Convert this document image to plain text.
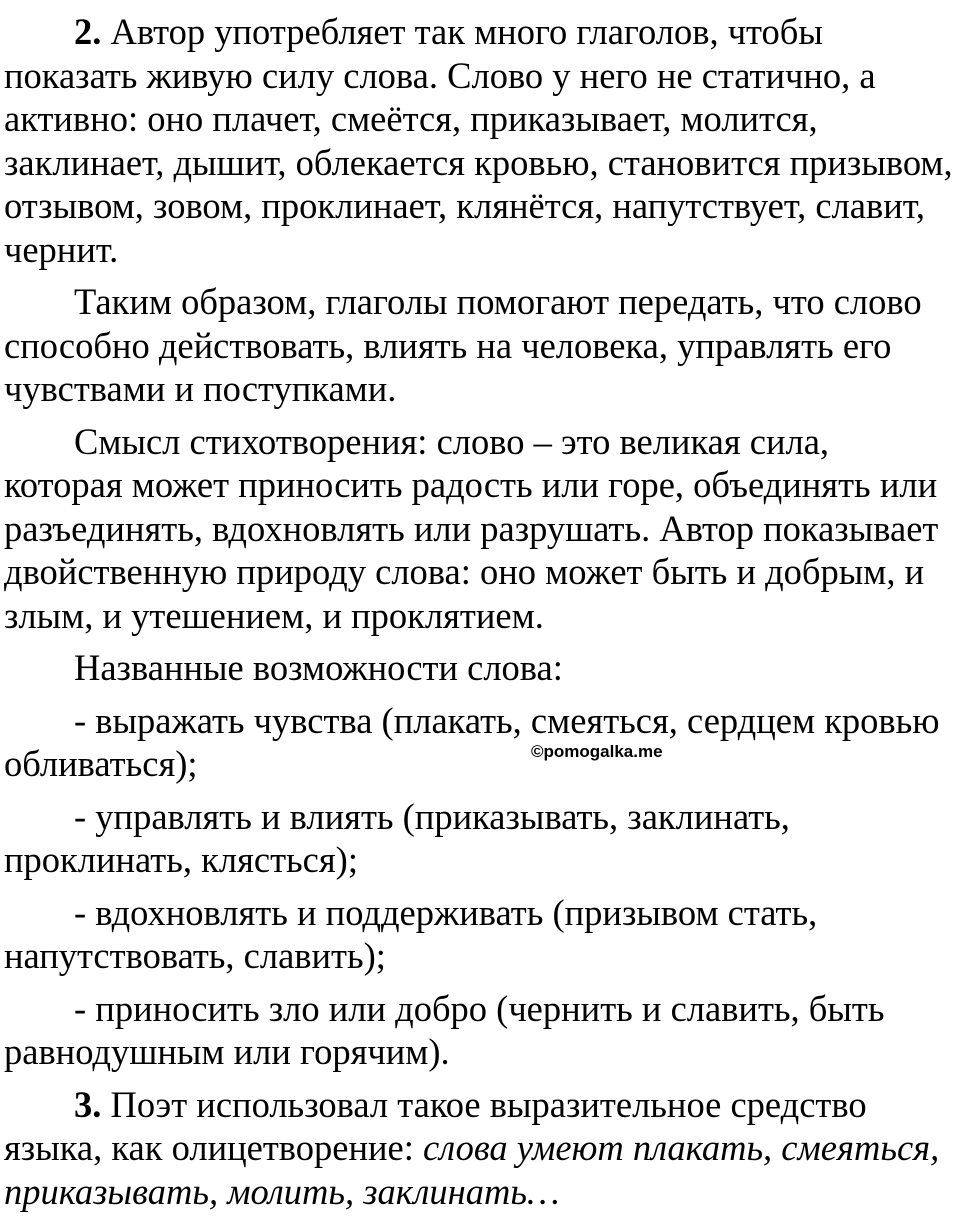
2. Автор употребляет так много глаголов, чтобы показать живую силу слова. Слово у него не статично, а активно: оно плачет, смеётся, приказывает, молится, заклинает, дышит, облекается кровью, становится призывом, отзывом, зовом, проклинает, клянётся, напутствует, славит, чернит.

Таким образом, глаголы помогают передать, что слово способно действовать, влиять на человека, управлять его чувствами и поступками.

Смысл стихотворения: слово – это великая сила, которая может приносить радость или горе, объединять или разъединять, вдохновлять или разрушать. Автор показывает двойственную природу слова: оно может быть и добрым, и злым, и утешением, и проклятием.

Названные возможности слова:

- выражать чувства (плакать, смеяться, сердцем кровью обливаться);

- управлять и влиять (приказывать, заклинать, проклинать, клясться);

- вдохновлять и поддерживать (призывом стать, напутствовать, славить);

- приносить зло или добро (чернить и славить, быть равнодушным или горячим).

3. Поэт использовал такое выразительное средство языка, как олицетворение: слова умеют плакать, смеяться, приказывать, молить, заклинать…

©pomogalka.me
